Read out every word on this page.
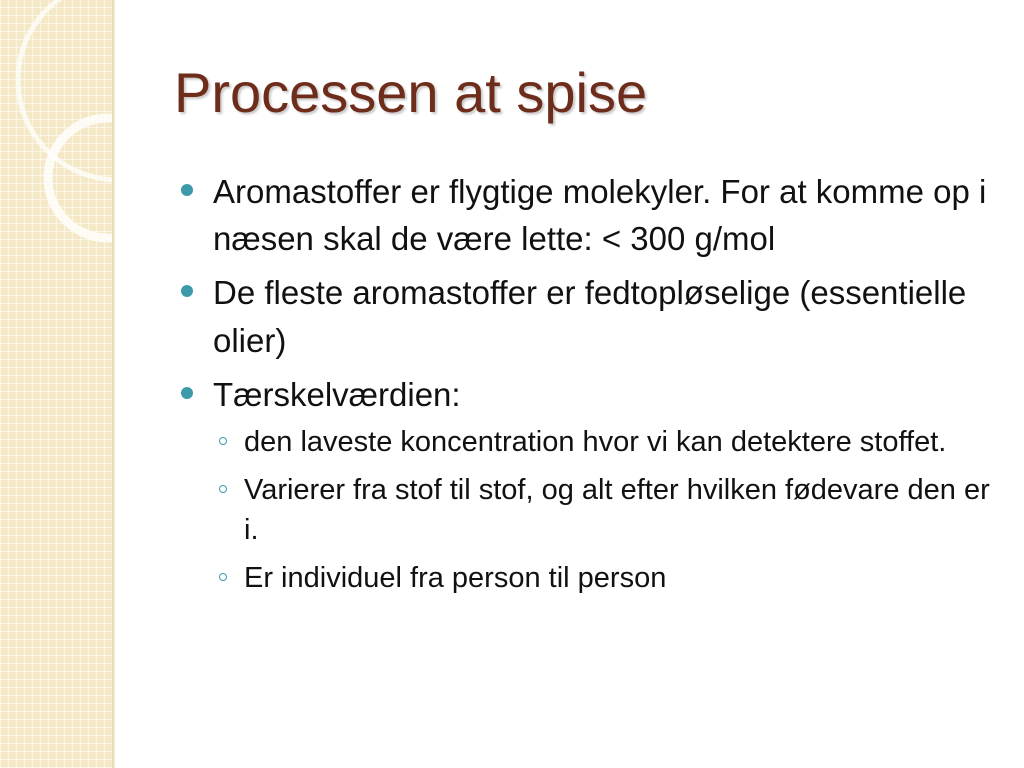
Processen at spise
Aromastoffer er flygtige molekyler. For at komme op i næsen skal de være lette: < 300 g/mol
De fleste aromastoffer er fedtopløselige (essentielle olier)
Tærskelværdien:
den laveste koncentration hvor vi kan detektere stoffet.
Varierer fra stof til stof, og alt efter hvilken fødevare den er i.
Er individuel fra person til person
